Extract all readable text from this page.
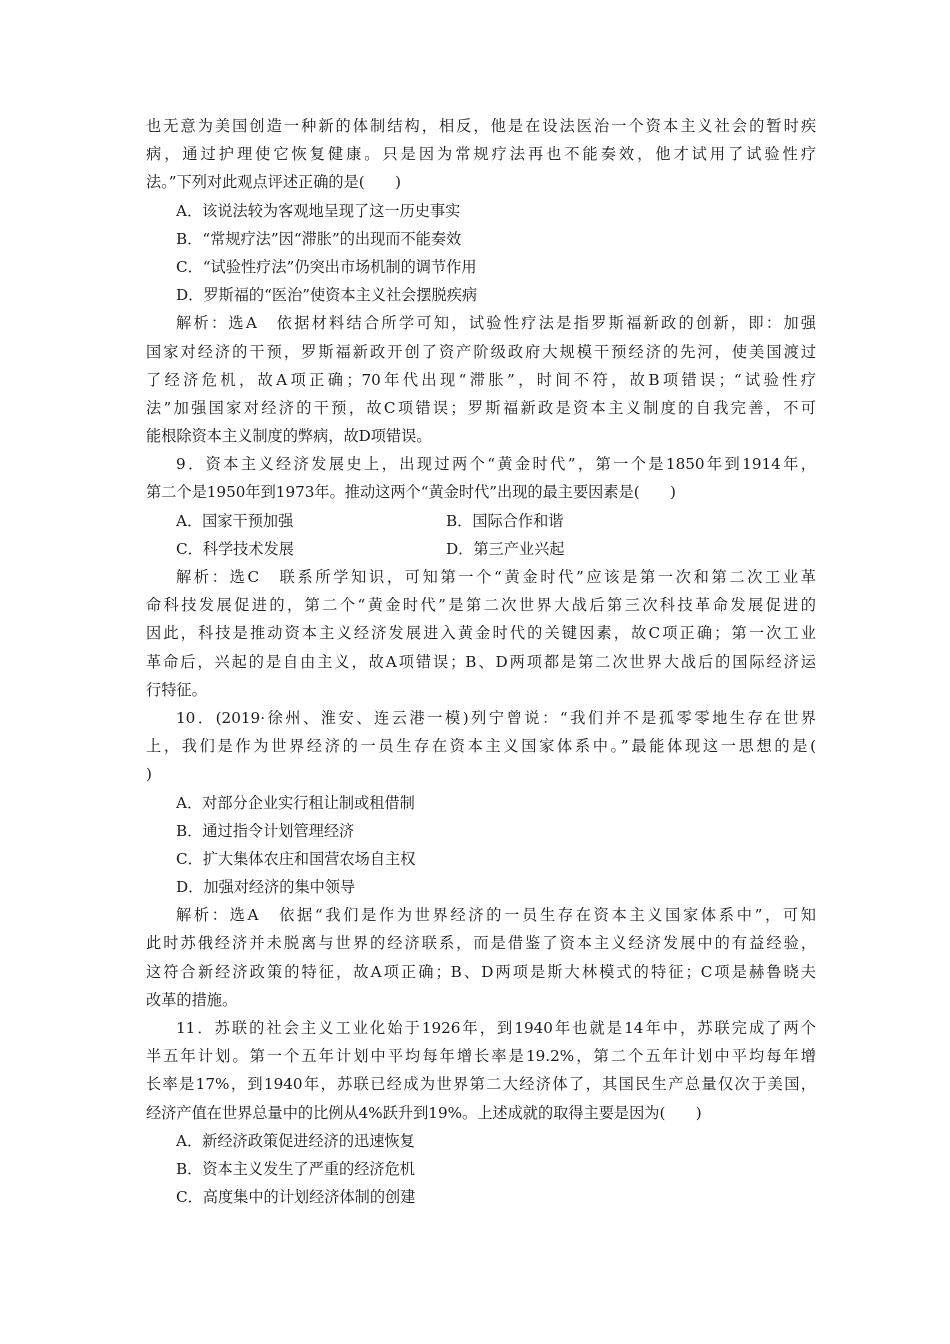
也无意为美国创造一种新的体制结构，相反，他是在设法医治一个资本主义社会的暂时疾
病，通过护理使它恢复健康。只是因为常规疗法再也不能奏效，他才试用了试验性疗
法。”下列对此观点评述正确的是(　　)
A．该说法较为客观地呈现了这一历史事实
B．“常规疗法”因“滞胀”的出现而不能奏效
C．“试验性疗法”仍突出市场机制的调节作用
D．罗斯福的“医治”使资本主义社会摆脱疾病
解析：选A　依据材料结合所学可知，试验性疗法是指罗斯福新政的创新，即：加强
国家对经济的干预，罗斯福新政开创了资产阶级政府大规模干预经济的先河，使美国渡过
了经济危机，故A项正确；70年代出现“滞胀”，时间不符，故B项错误；“试验性疗
法”加强国家对经济的干预，故C项错误；罗斯福新政是资本主义制度的自我完善，不可
能根除资本主义制度的弊病，故D项错误。
9．资本主义经济发展史上，出现过两个“黄金时代”，第一个是1850年到1914年，
第二个是1950年到1973年。推动这两个“黄金时代”出现的最主要因素是(　　)
A．国家干预加强	B．国际合作和谐
C．科学技术发展	D．第三产业兴起
解析：选C　联系所学知识，可知第一个“黄金时代”应该是第一次和第二次工业革
命科技发展促进的，第二个“黄金时代”是第二次世界大战后第三次科技革命发展促进的
因此，科技是推动资本主义经济发展进入黄金时代的关键因素，故C项正确；第一次工业
革命后，兴起的是自由主义，故A项错误；B、D两项都是第二次世界大战后的国际经济运
行特征。
10．(2019·徐州、淮安、连云港一模)列宁曾说：“我们并不是孤零零地生存在世界
上，我们是作为世界经济的一员生存在资本主义国家体系中。”最能体现这一思想的是(
)
A．对部分企业实行租让制或租借制
B．通过指令计划管理经济
C．扩大集体农庄和国营农场自主权
D．加强对经济的集中领导
解析：选A　依据“我们是作为世界经济的一员生存在资本主义国家体系中”，可知
此时苏俄经济并未脱离与世界的经济联系，而是借鉴了资本主义经济发展中的有益经验，
这符合新经济政策的特征，故A项正确；B、D两项是斯大林模式的特征；C项是赫鲁晓夫
改革的措施。
11．苏联的社会主义工业化始于1926年，到1940年也就是14年中，苏联完成了两个
半五年计划。第一个五年计划中平均每年增长率是19.2%，第二个五年计划中平均每年增
长率是17%，到1940年，苏联已经成为世界第二大经济体了，其国民生产总量仅次于美国，
经济产值在世界总量中的比例从4%跃升到19%。上述成就的取得主要是因为(　　)
A．新经济政策促进经济的迅速恢复
B．资本主义发生了严重的经济危机
C．高度集中的计划经济体制的创建
